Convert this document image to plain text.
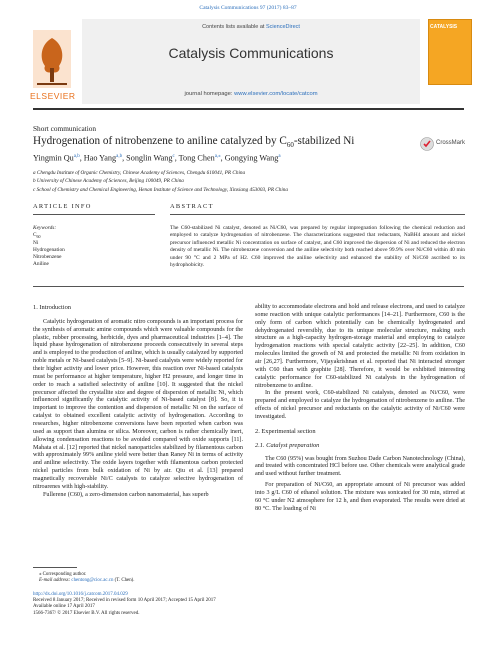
Catalysis Communications 97 (2017) 83–87
ELSEVIER
Contents lists available at ScienceDirect
Catalysis Communications
journal homepage: www.elsevier.com/locate/catcom
CATALYSIS
Short communication
Hydrogenation of nitrobenzene to aniline catalyzed by $C_{60}$-stabilized Ni	CrossMark
Yingmin Qu$^{a,b}$, Hao Yang$^{a,b}$, Songlin Wang$^c$, Tong Chen$^{a,⁎}$, Gongying Wang$^a$
a Chengdu Institute of Organic Chemistry, Chinese Academy of Sciences, Chengdu 610041, PR China
b University of Chinese Academy of Sciences, Beijing 100049, PR China
c School of Chemistry and Chemical Engineering, Henan Institute of Science and Technology, Xinxiang 453003, PR China
ARTICLE INFO	ABSTRACT
Keywords:
$C_{60}$
Ni
Hydrogenation
Nitrobenzene
Aniline
The C60-stabilized Ni catalyst, denoted as Ni/C60, was prepared by regular impregnation following the chemical reduction and employed to catalyze hydrogenation of nitrobenzene. The characterizations suggested that reductants, NaBH4 amount and nickel precursor influenced metallic Ni concentration on surface of catalyst, and C60 improved the dispersion of Ni and reduced the electron density of metallic Ni. The nitrobenzene conversion and the aniline selectivity both reached above 99.9% over Ni/C60 within 40 min under 90 °C and 2 MPa of H2. C60 improved the aniline selectivity and enhanced the stability of Ni/C60 ascribed to its hydrophobicity.
1. Introduction

Catalytic hydrogenation of aromatic nitro compounds is an important process for the synthesis of aromatic amine compounds which were valuable compounds for the plastic, rubber processing, herbicide, dyes and pharmaceutical industries [1–4]. The liquid phase hydrogenation of nitrobenzene proceeds consecutively in several steps and is employed to the production of aniline, which is usually catalyzed by supported noble metals or Ni-based catalysts [5–9]. Ni-based catalysts were widely reported for their higher activity and lower price. However, this reaction over Ni-based catalysts must be performance at higher temperature, higher H2 pressure, and longer time in order to reach a satisfied selectivity of aniline [10]. It suggested that the nickel precursor affected the crystallite size and degree of dispersion of metallic Ni, which influenced significantly the catalytic activity of Ni-based catalyst [8]. So, it is important to improve the contention and dispersion of metallic Ni on the surface of catalyst to obtained excellent catalytic activity of hydrogenation. According to researches, higher nitrobenzene conversions have been reported when carbon was used as support than alumina or silica. Moreover, carbon is rather chemically inert, allowing condensation reactions to be avoided compared with oxide supports [11]. Mahata et al. [12] reported that nickel nanoparticles stabilized by filamentous carbon with approximately 99% aniline yield were better than Raney Ni in terms of activity and aniline selectivity. The oxide layers together with filamentous carbon protected nickel particles from bulk oxidation of Ni by air. Qiu et al. [13] prepared magnetically recoverable Ni/C catalysts to catalyze selective hydrogenation of nitroarenes with high-stability.

Fullerene (C60), a zero-dimension carbon nanomaterial, has superb

ability to accommodate electrons and hold and release electrons, and used to catalyze some reaction with unique catalytic performances [14–21]. Furthermore, C60 is the only form of carbon which potentially can be chemically hydrogenated and dehydrogenated reversibly, due to its unique molecular structure, making such structure as a high-capacity hydrogen-storage material and employing to catalyze hydrogenation reactions with special catalytic activity [22–25]. In addition, C60 molecules limited the growth of Ni and protected the metallic Ni from oxidation in air [26,27]. Furthermore, Vijayakrishnan et al. reported that Ni interacted stronger with C60 than with graphite [28]. Therefore, it would be exhibited interesting catalytic performance for C60-stabilized Ni catalysts in the hydrogenation of nitrobenzene to aniline.

In the present work, C60-stabilized Ni catalysts, denoted as Ni/C60, were prepared and employed to catalyze the hydrogenation of nitrobenzene to aniline. The effects of nickel precursor and reductants on the catalytic activity of Ni/C60 were investigated.

2. Experimental section
2.1. Catalyst preparation

The C60 (95%) was bought from Suzhou Dade Carbon Nanotechnology (China), and treated with concentrated HCl before use. Other chemicals were analytical grade and used without further treatment.

For preparation of Ni/C60, an appropriate amount of Ni precursor was added into 3 g/L C60 of ethanol solution. The mixture was sonicated for 30 min, stirred at 60 °C under N2 atmosphere for 12 h, and then evaporated. The results were dried at 80 °C. The loading of Ni

⁎ Corresponding author.
E-mail address: chentong@cioc.ac.cn (T. Chen).
http://dx.doi.org/10.1016/j.catcom.2017.04.029
Received 8 January 2017; Received in revised form 10 April 2017; Accepted 15 April 2017
Available online 17 April 2017
1566-7367/ © 2017 Elsevier B.V. All rights reserved.
